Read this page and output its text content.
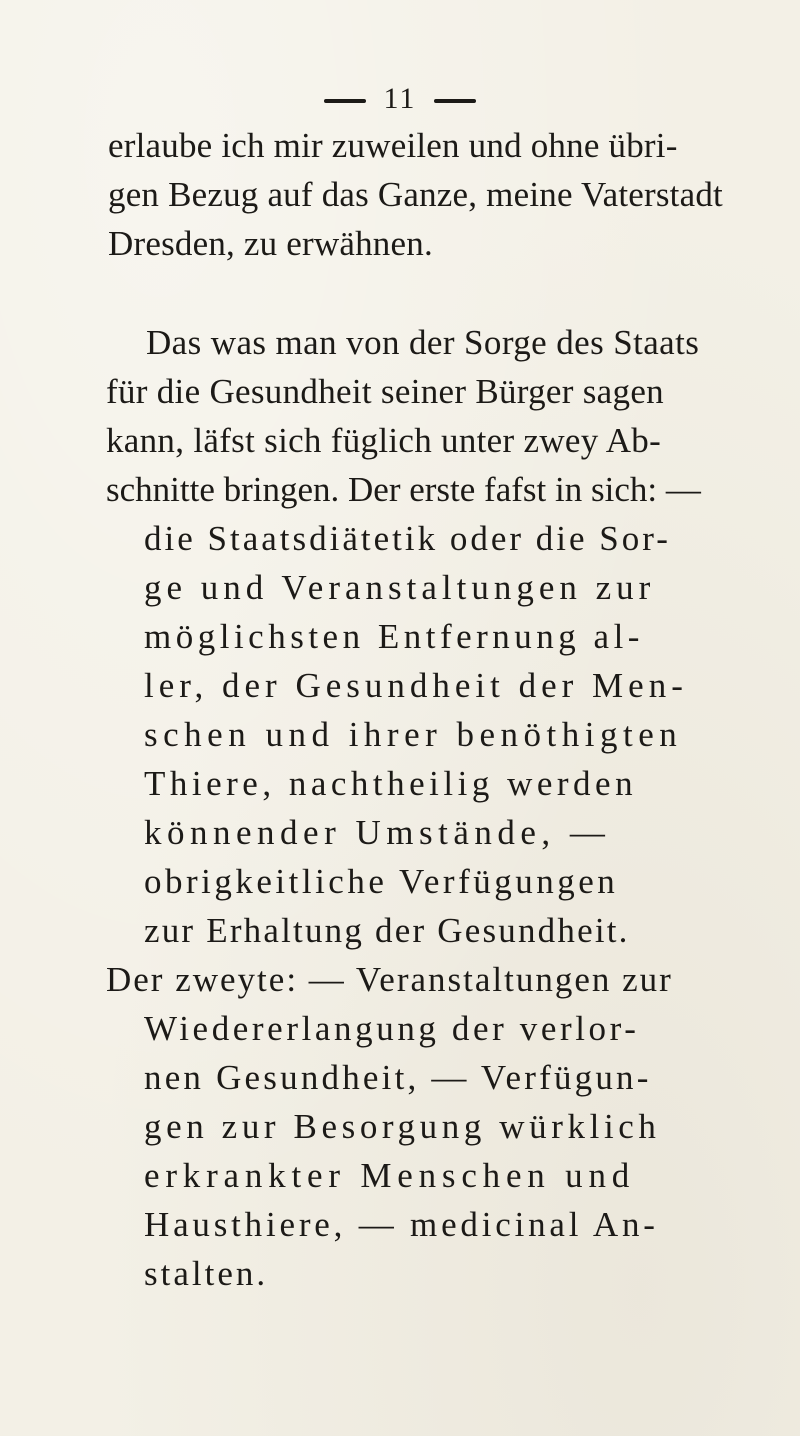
11
erlaube ich mir zuweilen und ohne übri-
gen Bezug auf das Ganze, meine Vaterstadt
Dresden, zu erwähnen.
Das was man von der Sorge des Staats
für die Gesundheit seiner Bürger sagen
kann, läfst sich füglich unter zwey Ab-
schnitte bringen. Der erste fafst in sich: —
die Staatsdiätetik oder die Sor-
ge und Veranstaltungen zur
möglichsten Entfernung al-
ler, der Gesundheit der Men-
schen und ihrer benöthigten
Thiere, nachtheilig werden
könnender Umstände, —
obrigkeitliche Verfügungen
zur Erhaltung der Gesundheit.
Der zweyte: — Veranstaltungen zur
Wiedererlangung der verlor-
nen Gesundheit, — Verfügun-
gen zur Besorgung würklich
erkrankter Menschen und
Hausthiere, — medicinal An-
stalten.
